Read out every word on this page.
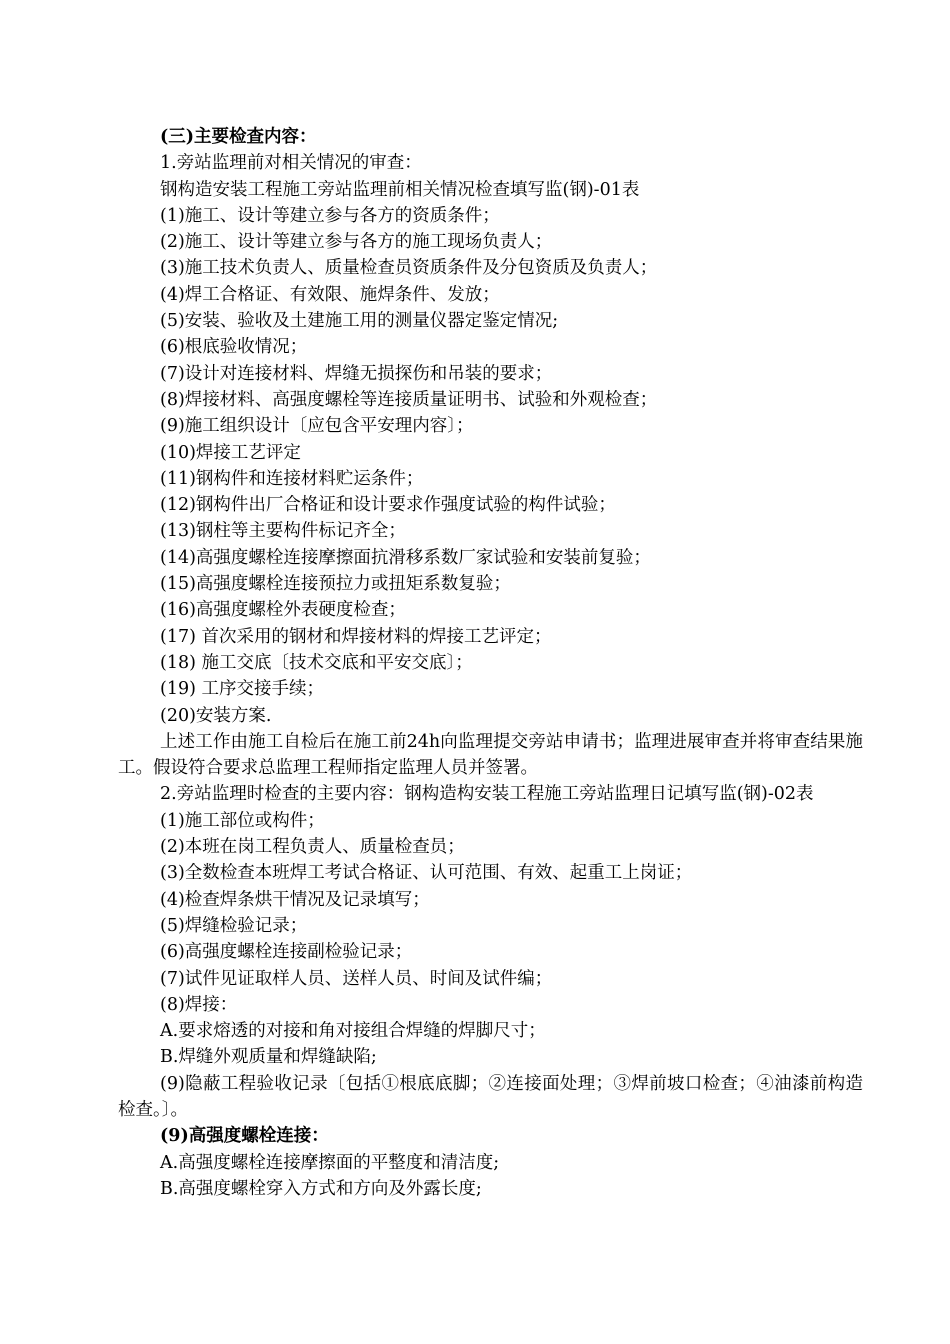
(三)主要检查内容：

1.旁站监理前对相关情况的审查：

钢构造安装工程施工旁站监理前相关情况检查填写监(钢)-01表

(1)施工、设计等建立参与各方的资质条件；

(2)施工、设计等建立参与各方的施工现场负责人；

(3)施工技术负责人、质量检查员资质条件及分包资质及负责人；

(4)焊工合格证、有效限、施焊条件、发放；

(5)安装、验收及土建施工用的测量仪器定鉴定情况;

(6)根底验收情况；

(7)设计对连接材料、焊缝无损探伤和吊装的要求；

(8)焊接材料、高强度螺栓等连接质量证明书、试验和外观检查；

(9)施工组织设计〔应包含平安理内容〕；

(10)焊接工艺评定

(11)钢构件和连接材料贮运条件；

(12)钢构件出厂合格证和设计要求作强度试验的构件试验；

(13)钢柱等主要构件标记齐全；

(14)高强度螺栓连接摩擦面抗滑移系数厂家试验和安装前复验；

(15)高强度螺栓连接预拉力或扭矩系数复验；

(16)高强度螺栓外表硬度检查；

(17) 首次采用的钢材和焊接材料的焊接工艺评定；

(18) 施工交底〔技术交底和平安交底〕；

(19) 工序交接手续；

(20)安装方案.

上述工作由施工自检后在施工前24h向监理提交旁站申请书；监理进展审查并将审查结果施工。假设符合要求总监理工程师指定监理人员并签署。

2.旁站监理时检查的主要内容：钢构造构安装工程施工旁站监理日记填写监(钢)-02表

(1)施工部位或构件；

(2)本班在岗工程负责人、质量检查员；

(3)全数检查本班焊工考试合格证、认可范围、有效、起重工上岗证；

(4)检查焊条烘干情况及记录填写；

(5)焊缝检验记录；

(6)高强度螺栓连接副检验记录；

(7)试件见证取样人员、送样人员、时间及试件编；

(8)焊接：

A.要求熔透的对接和角对接组合焊缝的焊脚尺寸；

B.焊缝外观质量和焊缝缺陷;

(9)隐蔽工程验收记录〔包括①根底底脚；②连接面处理；③焊前坡口检查；④油漆前构造检查。〕。

(9)高强度螺栓连接：

A.高强度螺栓连接摩擦面的平整度和清洁度;

B.高强度螺栓穿入方式和方向及外露长度;
